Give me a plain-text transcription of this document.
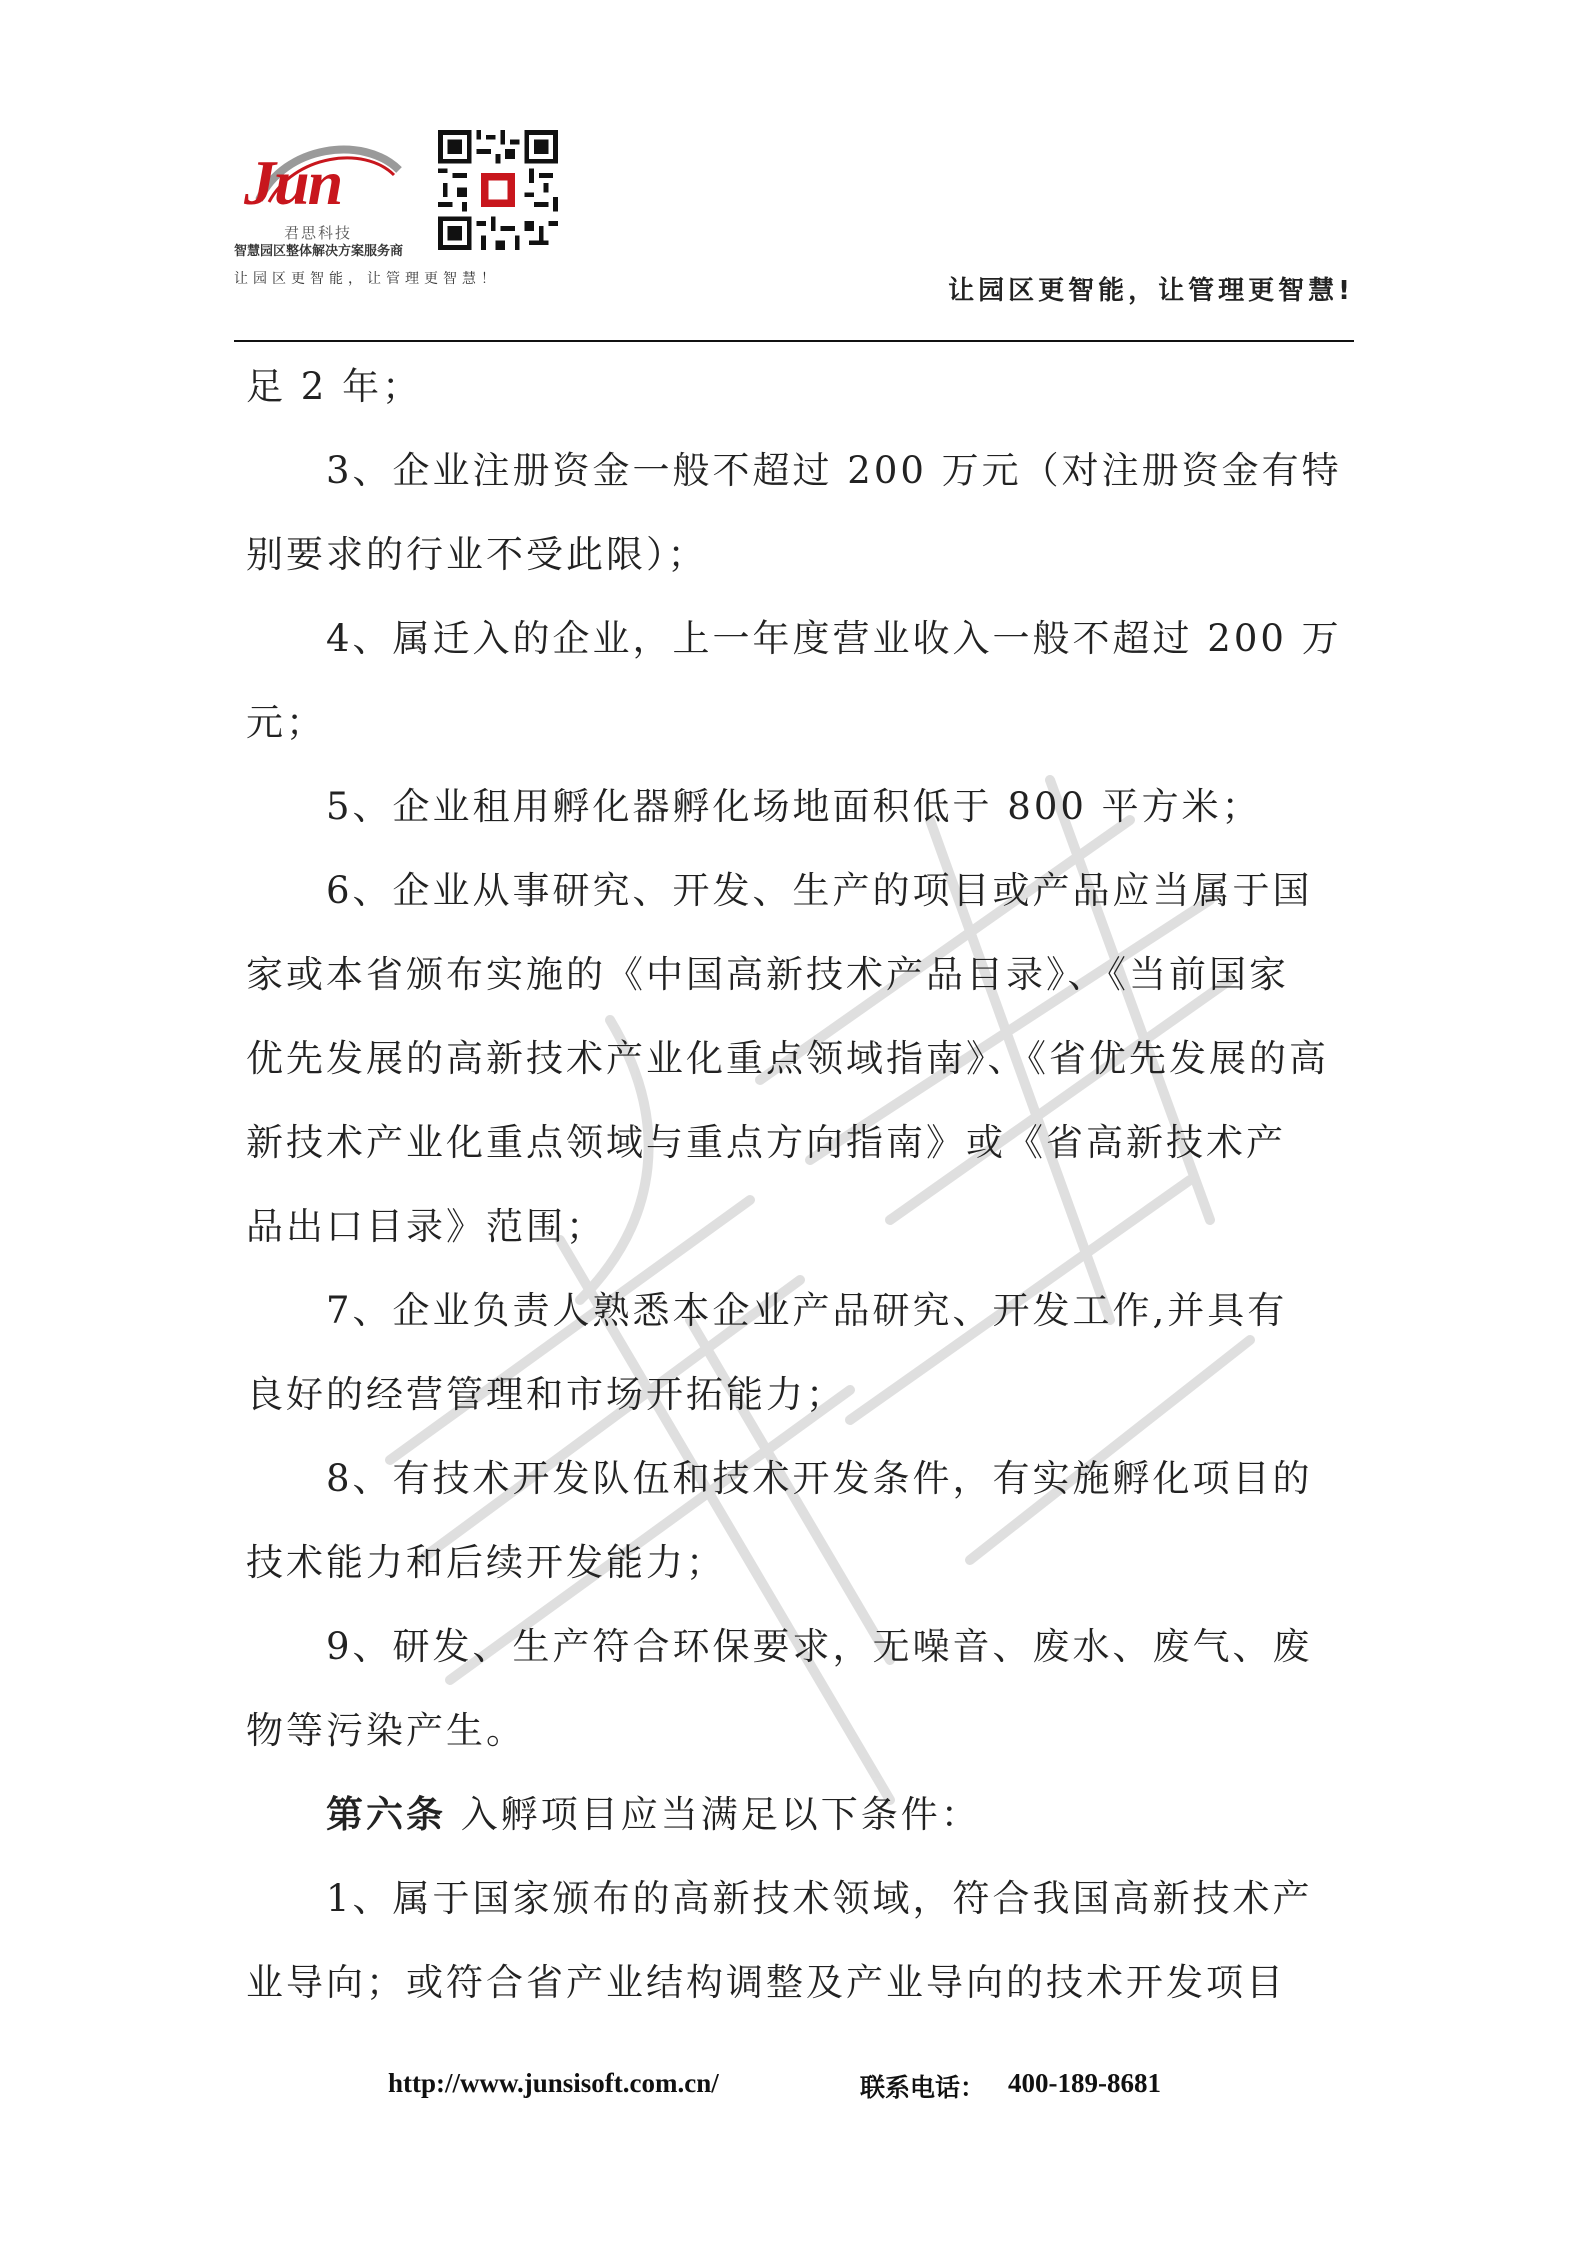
Jun
君思科技
智慧园区整体解决方案服务商
让园区更智能，让管理更智慧！	让园区更智能，让管理更智慧!
足 2 年；
3、企业注册资金一般不超过 200 万元（对注册资金有特
别要求的行业不受此限）；
4、属迁入的企业，上一年度营业收入一般不超过 200 万
元；
5、企业租用孵化器孵化场地面积低于 800 平方米；
6、企业从事研究、开发、生产的项目或产品应当属于国
家或本省颁布实施的《中国高新技术产品目录》、《当前国家
优先发展的高新技术产业化重点领域指南》、《省优先发展的高
新技术产业化重点领域与重点方向指南》或《省高新技术产
品出口目录》范围；
7、企业负责人熟悉本企业产品研究、开发工作,并具有
良好的经营管理和市场开拓能力；
8、有技术开发队伍和技术开发条件，有实施孵化项目的
技术能力和后续开发能力；
9、研发、生产符合环保要求，无噪音、废水、废气、废
物等污染产生。
第六条 入孵项目应当满足以下条件：
1、属于国家颁布的高新技术领域，符合我国高新技术产
业导向；或符合省产业结构调整及产业导向的技术开发项目
http://www.junsisoft.com.cn/	联系电话： 400-189-8681
